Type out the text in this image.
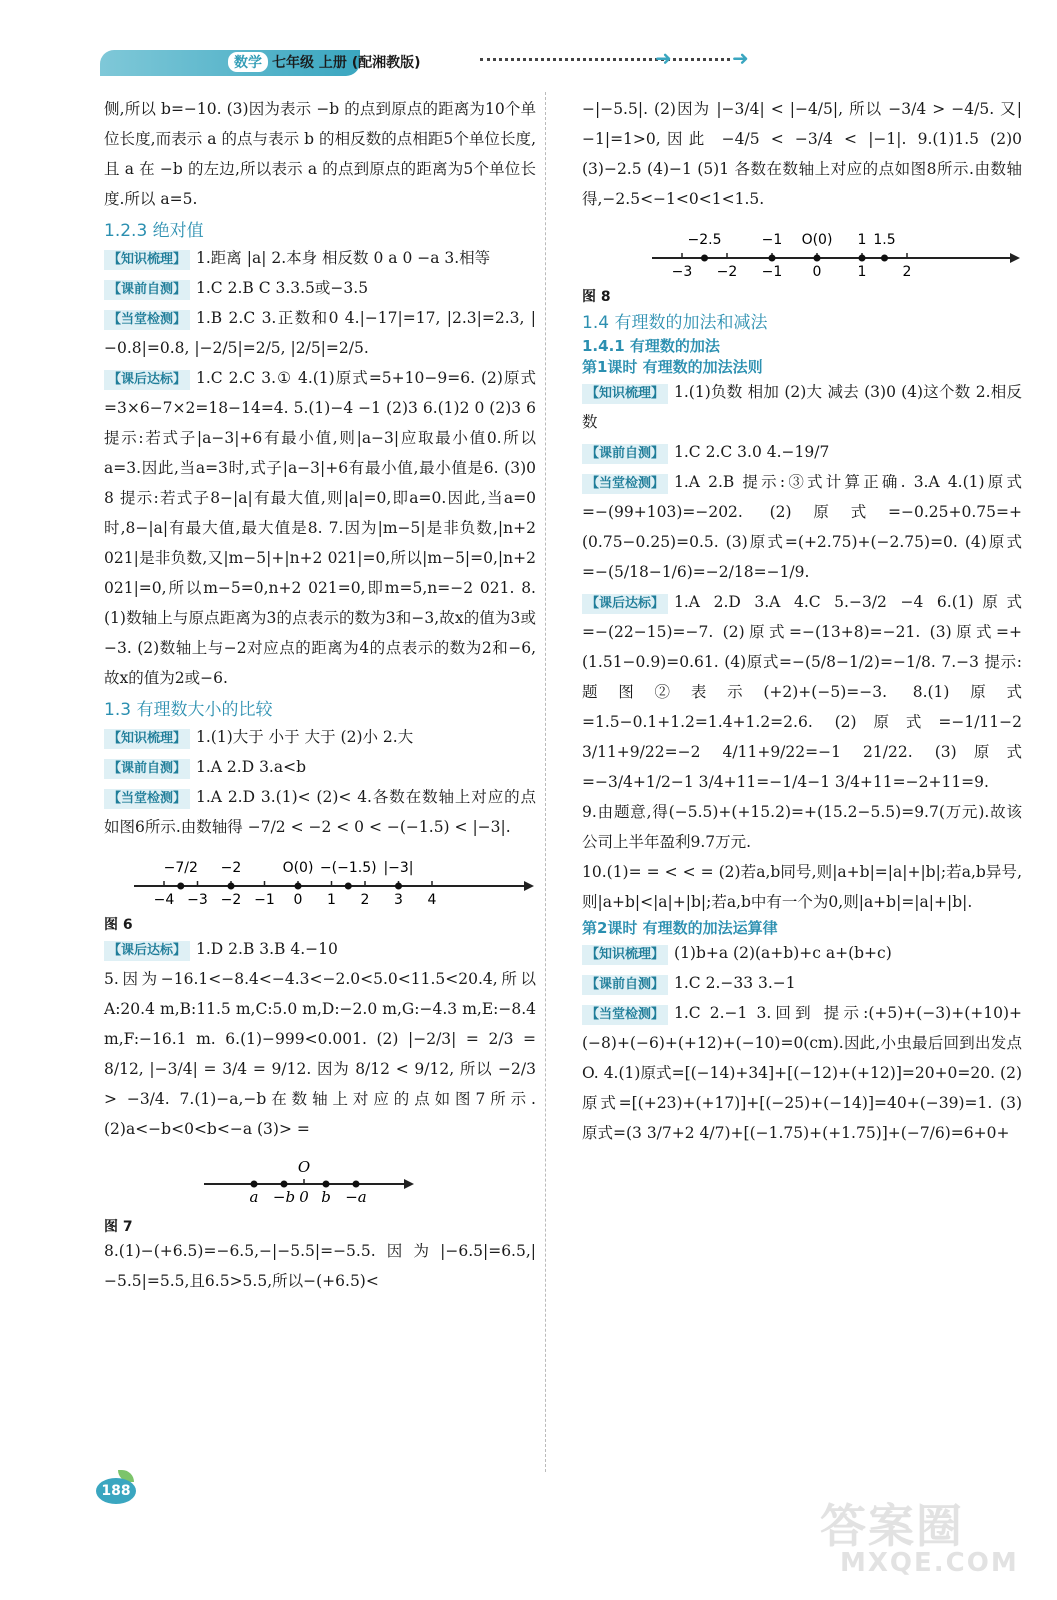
数学 七年级 上册 (配湘教版)	➜	➜

侧,所以 b=−10. (3)因为表示 −b 的点到原点的距离为10个单位长度,而表示 a 的点与表示 b 的相反数的点相距5个单位长度,且 a 在 −b 的左边,所以表示 a 的点到原点的距离为5个单位长度.所以 a=5.

1.2.3 绝对值

【知识梳理】 1.距离 |a| 2.本身 相反数 0 a 0 −a 3.相等

【课前自测】 1.C 2.B C 3.3.5或−3.5

【当堂检测】 1.B 2.C 3.正数和0 4.|−17|=17, |2.3|=2.3, |−0.8|=0.8, |−2/5|=2/5, |2/5|=2/5.

【课后达标】 1.C 2.C 3.① 4.(1)原式=5+10−9=6. (2)原式=3×6−7×2=18−14=4. 5.(1)−4 −1 (2)3 6.(1)2 0 (2)3 6 提示:若式子|a−3|+6有最小值,则|a−3|应取最小值0.所以a=3.因此,当a=3时,式子|a−3|+6有最小值,最小值是6. (3)0 8 提示:若式子8−|a|有最大值,则|a|=0,即a=0.因此,当a=0时,8−|a|有最大值,最大值是8. 7.因为|m−5|是非负数,|n+2 021|是非负数,又|m−5|+|n+2 021|=0,所以|m−5|=0,|n+2 021|=0,所以m−5=0,n+2 021=0,即m=5,n=−2 021. 8.(1)数轴上与原点距离为3的点表示的数为3和−3,故x的值为3或−3. (2)数轴上与−2对应点的距离为4的点表示的数为2和−6,故x的值为2或−6.

1.3 有理数大小的比较

【知识梳理】 1.(1)大于 小于 大于 (2)小 2.大

【课前自测】 1.A 2.D 3.a<b

【当堂检测】 1.A 2.D 3.(1)< (2)< 4.各数在数轴上对应的点如图6所示.由数轴得 −7/2 < −2 < 0 < −(−1.5) < |−3|.

−4 −3 −2 −1 0 1 2 3 4
−7/2 −2	O(0) −(−1.5) |−3|

图 6

【课后达标】 1.D 2.B 3.B 4.−10

5.因为−16.1<−8.4<−4.3<−2.0<5.0<11.5<20.4,所以A:20.4 m,B:11.5 m,C:5.0 m,D:−2.0 m,G:−4.3 m,E:−8.4 m,F:−16.1 m. 6.(1)−999<0.001. (2) |−2/3| = 2/3 = 8/12, |−3/4| = 3/4 = 9/12. 因为 8/12 < 9/12, 所以 −2/3 > −3/4. 7.(1)−a,−b在数轴上对应的点如图7所示. (2)a<−b<0<b<−a (3)> =

a −b 0 b −a
O

图 7

8.(1)−(+6.5)=−6.5,−|−5.5|=−5.5.因为|−6.5|=6.5,|−5.5|=5.5,且6.5>5.5,所以−(+6.5)<

−|−5.5|. (2)因为 |−3/4| < |−4/5|, 所以 −3/4 > −4/5. 又|−1|=1>0,因此 −4/5 < −3/4 < |−1|. 9.(1)1.5 (2)0 (3)−2.5 (4)−1 (5)1 各数在数轴上对应的点如图8所示.由数轴得,−2.5<−1<0<1<1.5.

−3 −2 −1 0	1	2
−2.5	−1 O(0) 1 1.5

图 8

1.4 有理数的加法和减法

1.4.1 有理数的加法

第1课时 有理数的加法法则

【知识梳理】 1.(1)负数 相加 (2)大 减去 (3)0 (4)这个数 2.相反数

【课前自测】 1.C 2.C 3.0 4.−19/7

【当堂检测】 1.A 2.B 提示:③式计算正确. 3.A 4.(1)原式=−(99+103)=−202. (2)原式=−0.25+0.75=+(0.75−0.25)=0.5. (3)原式=(+2.75)+(−2.75)=0. (4)原式=−(5/18−1/6)=−2/18=−1/9.

【课后达标】 1.A 2.D 3.A 4.C 5.−3/2 −4 6.(1)原式=−(22−15)=−7. (2)原式=−(13+8)=−21. (3)原式=+(1.51−0.9)=0.61. (4)原式=−(5/8−1/2)=−1/8. 7.−3 提示:题图②表示(+2)+(−5)=−3. 8.(1)原式=1.5−0.1+1.2=1.4+1.2=2.6. (2)原式=−1/11−2 3/11+9/22=−2 4/11+9/22=−1 21/22. (3)原式=−3/4+1/2−1 3/4+11=−1/4−1 3/4+11=−2+11=9.

9.由题意,得(−5.5)+(+15.2)=+(15.2−5.5)=9.7(万元).故该公司上半年盈利9.7万元.

10.(1)= = < < = (2)若a,b同号,则|a+b|=|a|+|b|;若a,b异号,则|a+b|<|a|+|b|;若a,b中有一个为0,则|a+b|=|a|+|b|.

第2课时 有理数的加法运算律

【知识梳理】 (1)b+a (2)(a+b)+c a+(b+c)

【课前自测】 1.C 2.−33 3.−1

【当堂检测】 1.C 2.−1 3.回到 提示:(+5)+(−3)+(+10)+(−8)+(−6)+(+12)+(−10)=0(cm).因此,小虫最后回到出发点O. 4.(1)原式=[(−14)+34]+[(−12)+(+12)]=20+0=20. (2)原式=[(+23)+(+17)]+[(−25)+(−14)]=40+(−39)=1. (3)原式=(3 3/7+2 4/7)+[(−1.75)+(+1.75)]+(−7/6)=6+0+

188
答案圈
MXQE.COM
